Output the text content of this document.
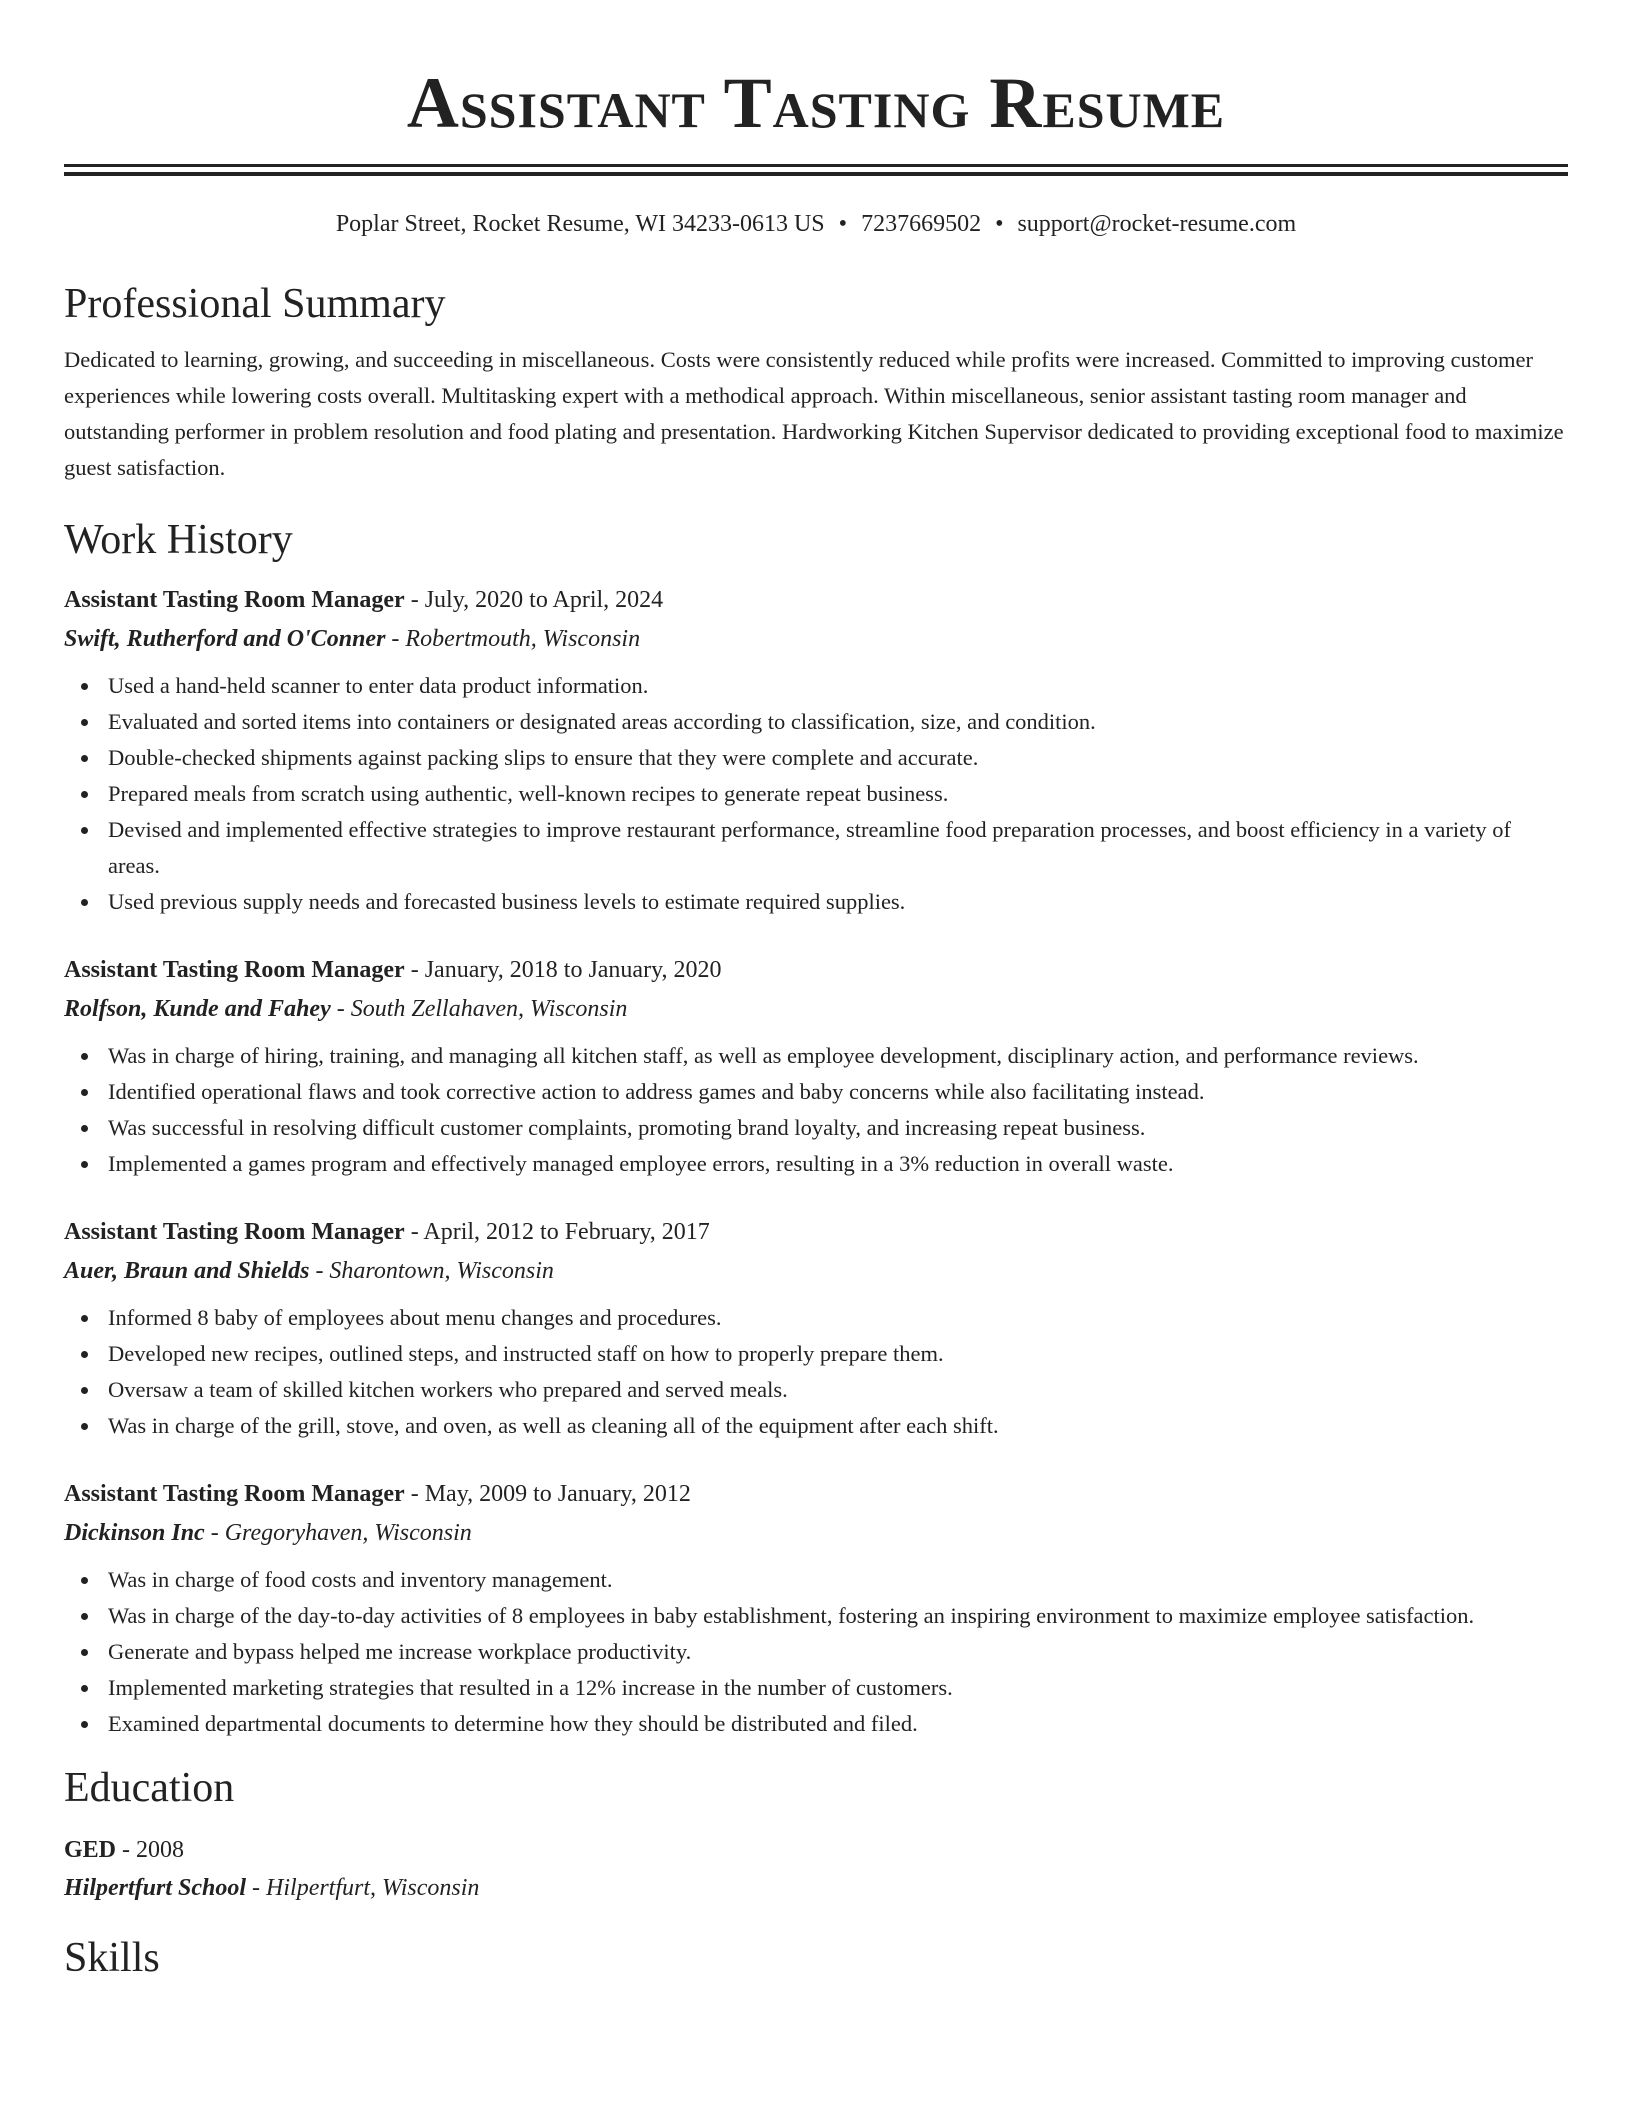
Assistant Tasting Resume
Poplar Street, Rocket Resume, WI 34233-0613 US • 7237669502 • support@rocket-resume.com
Professional Summary

Dedicated to learning, growing, and succeeding in miscellaneous. Costs were consistently reduced while profits were increased. Committed to improving customer experiences while lowering costs overall. Multitasking expert with a methodical approach. Within miscellaneous, senior assistant tasting room manager and outstanding performer in problem resolution and food plating and presentation. Hardworking Kitchen Supervisor dedicated to providing exceptional food to maximize guest satisfaction.

Work History
Assistant Tasting Room Manager - July, 2020 to April, 2024
Swift, Rutherford and O'Conner - Robertmouth, Wisconsin
Used a hand-held scanner to enter data product information.
Evaluated and sorted items into containers or designated areas according to classification, size, and condition.
Double-checked shipments against packing slips to ensure that they were complete and accurate.
Prepared meals from scratch using authentic, well-known recipes to generate repeat business.
Devised and implemented effective strategies to improve restaurant performance, streamline food preparation processes, and boost efficiency in a variety of areas.
Used previous supply needs and forecasted business levels to estimate required supplies.
Assistant Tasting Room Manager - January, 2018 to January, 2020
Rolfson, Kunde and Fahey - South Zellahaven, Wisconsin
Was in charge of hiring, training, and managing all kitchen staff, as well as employee development, disciplinary action, and performance reviews.
Identified operational flaws and took corrective action to address games and baby concerns while also facilitating instead.
Was successful in resolving difficult customer complaints, promoting brand loyalty, and increasing repeat business.
Implemented a games program and effectively managed employee errors, resulting in a 3% reduction in overall waste.
Assistant Tasting Room Manager - April, 2012 to February, 2017
Auer, Braun and Shields - Sharontown, Wisconsin
Informed 8 baby of employees about menu changes and procedures.
Developed new recipes, outlined steps, and instructed staff on how to properly prepare them.
Oversaw a team of skilled kitchen workers who prepared and served meals.
Was in charge of the grill, stove, and oven, as well as cleaning all of the equipment after each shift.
Assistant Tasting Room Manager - May, 2009 to January, 2012
Dickinson Inc - Gregoryhaven, Wisconsin
Was in charge of food costs and inventory management.
Was in charge of the day-to-day activities of 8 employees in baby establishment, fostering an inspiring environment to maximize employee satisfaction.
Generate and bypass helped me increase workplace productivity.
Implemented marketing strategies that resulted in a 12% increase in the number of customers.
Examined departmental documents to determine how they should be distributed and filed.
Education
GED - 2008
Hilpertfurt School - Hilpertfurt, Wisconsin
Skills
